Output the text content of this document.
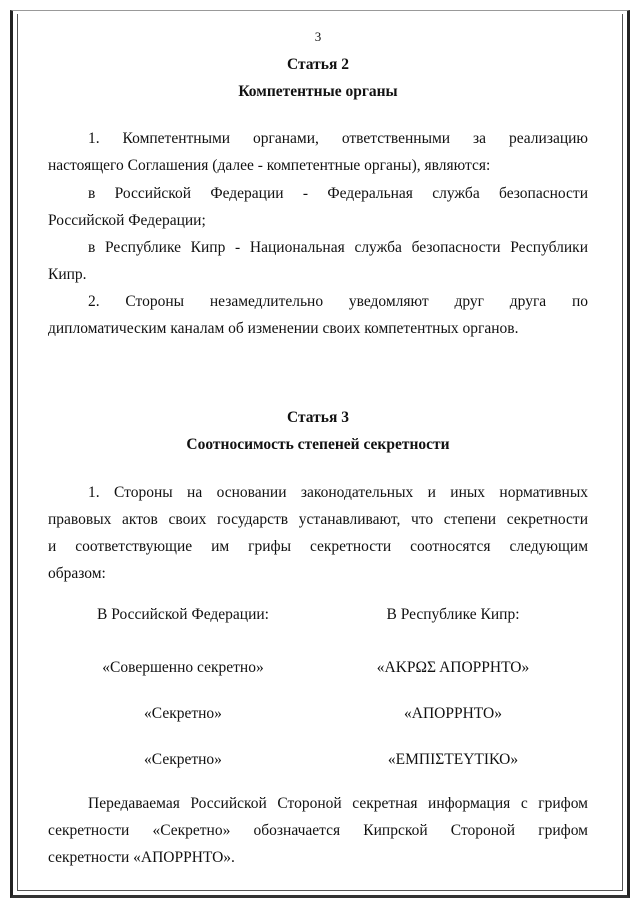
3

Статья 2

Компетентные органы

1. Компетентными органами, ответственными за реализацию

настоящего Соглашения (далее - компетентные органы), являются:

в Российской Федерации - Федеральная служба безопасности

Российской Федерации;

в Республике Кипр - Национальная служба безопасности Республики

Кипр.

2. Стороны незамедлительно уведомляют друг друга по

дипломатическим каналам об изменении своих компетентных органов.

Статья 3

Соотносимость степеней секретности

1. Стороны на основании законодательных и иных нормативных

правовых актов своих государств устанавливают, что степени секретности

и соответствующие им грифы секретности соотносятся следующим

образом:

В Российской Федерации:	В Республике Кипр:
«Совершенно секретно»	«ΑΚΡΩΣ ΑΠΟΡΡΗΤΟ»
«Секретно»	«ΑΠΟΡΡΗΤΟ»
«Секретно»	«ΕΜΠΙΣΤΕΥΤΙΚΟ»

Передаваемая Российской Стороной секретная информация с грифом

секретности «Секретно» обозначается Кипрской Стороной грифом

секретности «ΑΠΟΡΡΗΤΟ».
